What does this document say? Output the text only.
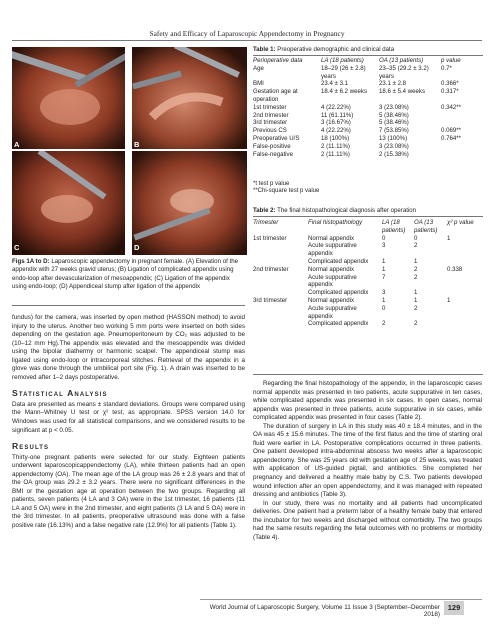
Safety and Efficacy of Laparoscopic Appendectomy in Pregnancy
A	B
C	D
Figs 1A to D: Laparoscopic appendectomy in pregnant female. (A) Elevation of the appendix with 27 weeks gravid uterus; (B) Ligation of complicated appendix using endo-loop after devascularization of mesoappendix; (C) Ligation of the appendix using endo-loop; (D) Appendiceal stump after ligation of the appendix

fundus) for the camera, was inserted by open method (HASSON method) to avoid injury to the uterus. Another two working 5 mm ports were inserted on both sides depending on the gestation age. Pneumoperitoneum by CO₂ was adjusted to be (10–12 mm Hg).The appendix was elevated and the mesoappendix was divided using the bipolar diathermy or harmonic scalpel. The appendiceal stump was ligated using endo-loop or intracorporeal stitches. Retrieval of the appendix in a glove was done through the umbilical port site (Fig. 1). A drain was inserted to be removed after 1–2 days postoperative.

Statistical Analysis

Data are presented as means ± standard deviations. Groups were compared using the Mann–Whitney U test or χ² test, as appropriate. SPSS version 14.0 for Windows was used for all statistical comparisons, and we considered results to be significant at p < 0.05.

Results

Thirty-one pregnant patients were selected for our study. Eighteen patients underwent laparoscopicappendectomy (LA), while thirteen patients had an open appendectomy (OA). The mean age of the LA group was 26 ± 2.8 years and that of the OA group was 29.2 ± 3.2 years. There were no significant differences in the BMI or the gestation age at operation between the two groups. Regarding all patients, seven patients (4 LA and 3 OA) were in the 1st trimester, 16 patients (11 LA and 5 OA) were in the 2nd trimester, and eight patients (3 LA and 5 OA) were in the 3rd trimester. In all patients, preoperative ultrasound was done with a false positive rate (16.13%) and a false negative rate (12.9%) for all patients (Table 1).

Table 1: Preoperative demographic and clinical data
Perioperative data	LA (18 patients)	OA (13 patients)	p value
Age	18–29 (26 ± 2.8) years	23–35 (29.2 ± 3.2) years	0.7*
BMI	23.4 ± 3.1	23.1 ± 2.8	0.366*
Gestation age at operation	18.4 ± 6.2 weeks	18.6 ± 5.4 weeks	0.317*
1st trimester	4 (22.22%)	3 (23.08%)	0.342**
2nd trimester	11 (61.11%)	5 (38.46%)	
3rd trimester	3 (16.67%)	5 (38.46%)	
Previous CS	4 (22.22%)	7 (53.85%)	0.069**
Preoperative U/S	18 (100%)	13 (100%)	0.764**
False-positive	2 (11.11%)	3 (23.08%)	
False-negative	2 (11.11%)	2 (15.38%)	
*t test p value
**Chi-square test p value
Table 2: The final histopathological diagnosis after operation
Trimester	Final histopathology	LA (18 patients)	OA (13 patients)	χ² p value
1st trimester	Normal appendix	0	0	1
	Acute suppurative appendix	3	2	
	Complicated appendix	1	1	
2nd trimester	Normal appendix	1	2	0.338
	Acute suppurative appendix	7	2	
	Complicated appendix	3	1	
3rd trimester	Normal appendix	1	1	1
	Acute suppurative appendix	0	2	
	Complicated appendix	2	2	

Regarding the final histopathology of the appendix, in the laparoscopic cases normal appendix was presented in two patients, acute suppurative in ten cases, while complicated appendix was presented in six cases. In open cases, normal appendix was presented in three patients, acute suppurative in six cases, while complicated appendix was presented in four cases (Table 2).

The duration of surgery in LA in this study was 40 ± 18.4 minutes, and in the OA was 45 ± 15.6 minutes. The time of the first flatus and the time of starting oral fluid were earlier in LA. Postoperative complications occurred in three patients. One patient developed intra-abdominal abscess two weeks after a laparoscopic appendectomy. She was 25 years old with gestation age of 25 weeks, was treated with application of US-guided pigtail, and antibiotics. She completed her pregnancy and delivered a healthy male baby by C.S. Two patients developed wound infection after an open appendectomy, and it was managed with repeated dressing and antibiotics (Table 3).

In our study, there was no mortality and all patients had uncomplicated deliveries. One patient had a preterm labor of a healthy female baby that entered the incubator for two weeks and discharged without comorbidity. The two groups had the same results regarding the fetal outcomes with no problems or morbidity (Table 4).

World Journal of Laparoscopic Surgery, Volume 11 Issue 3 (September–December 2018)
129
